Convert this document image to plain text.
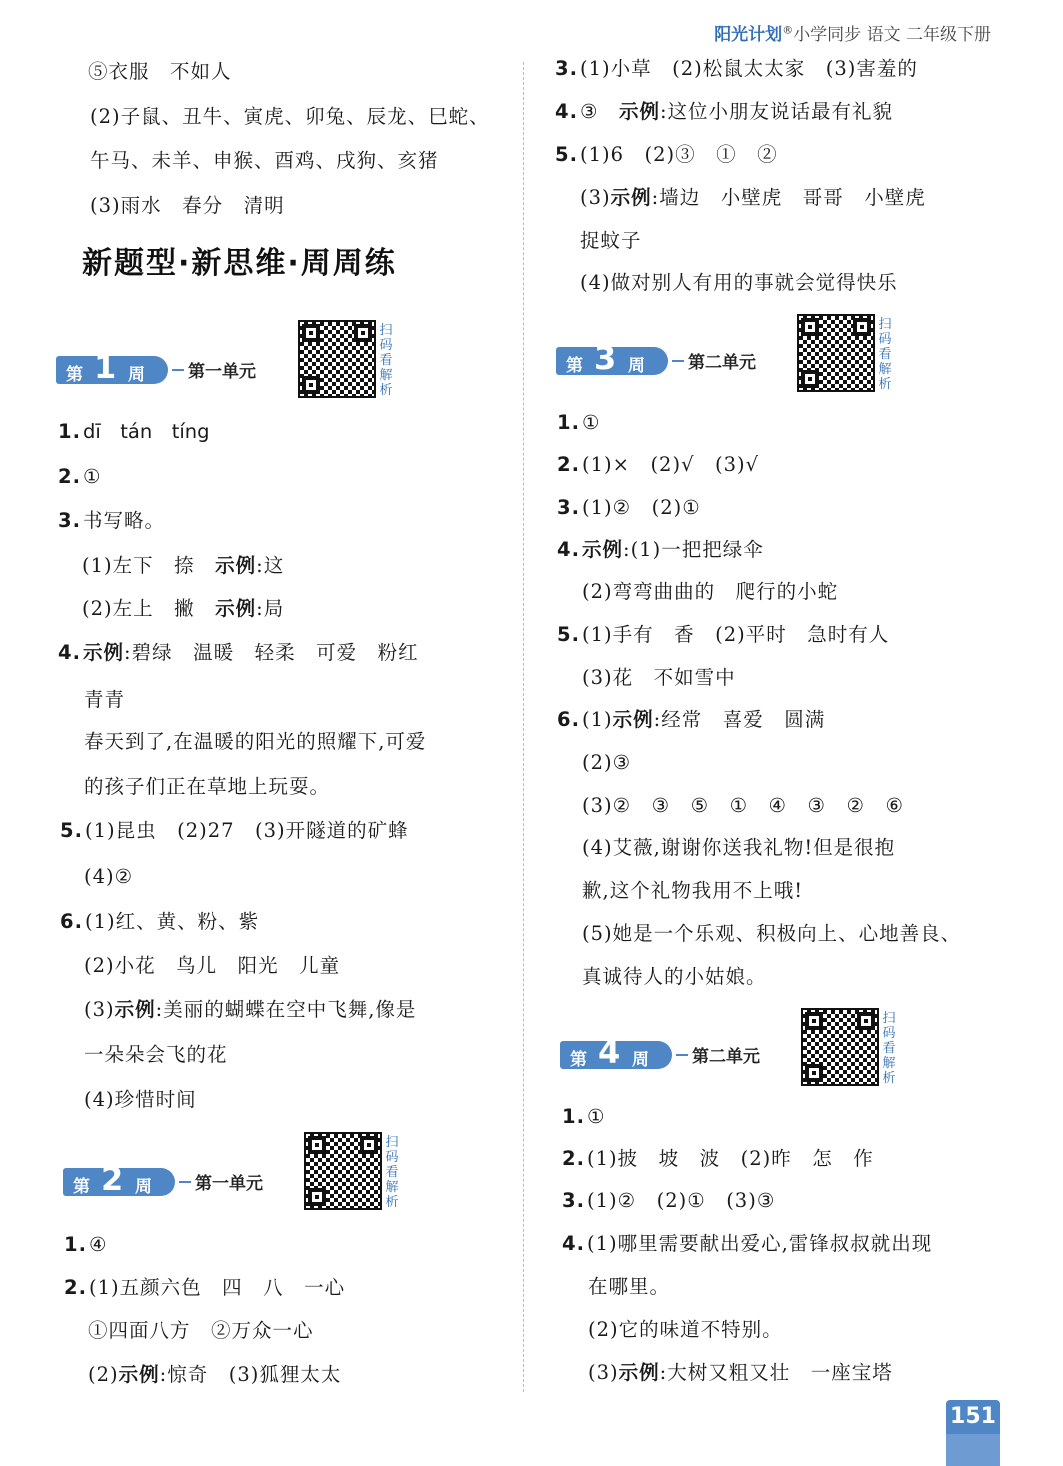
阳光计划®小学同步 语文 二年级下册
新题型·新思维·周周练
第 1 周	第一单元
第 2 周	第一单元
第 3 周	第二单元
第 4 周	第二单元
扫
码
看
解
析
扫
码
看
解
析
扫
码
看
解
析
扫
码
看
解
析
⑤衣服　不如人
(2)子鼠、丑牛、寅虎、卯兔、辰龙、巳蛇、
午马、未羊、申猴、酉鸡、戌狗、亥猪
(3)雨水　春分　清明
1. dī　tán　tíng
2. ①
3. 书写略。
(1)左下　捺　示例:这
(2)左上　撇　示例:局
4. 示例:碧绿　温暖　轻柔　可爱　粉红
青青
春天到了,在温暖的阳光的照耀下,可爱
的孩子们正在草地上玩耍。
5. (1)昆虫　(2)27　(3)开隧道的矿蜂
(4)②
6. (1)红、黄、粉、紫
(2)小花　鸟儿　阳光　儿童
(3)示例:美丽的蝴蝶在空中飞舞,像是
一朵朵会飞的花
(4)珍惜时间
1. ④
2. (1)五颜六色　四　八　一心
①四面八方　②万众一心
(2)示例:惊奇　(3)狐狸太太
3. (1)小草　(2)松鼠太太家　(3)害羞的
4. ③　示例:这位小朋友说话最有礼貌
5. (1)6　(2)③　①　②
(3)示例:墙边　小壁虎　哥哥　小壁虎
捉蚊子
(4)做对别人有用的事就会觉得快乐
1. ①
2. (1)×　(2)√　(3)√
3. (1)②　(2)①
4. 示例:(1)一把把绿伞
(2)弯弯曲曲的　爬行的小蛇
5. (1)手有　香　(2)平时　急时有人
(3)花　不如雪中
6. (1)示例:经常　喜爱　圆满
(2)③
(3)②　③　⑤　①　④　③　②　⑥
(4)艾薇,谢谢你送我礼物!但是很抱
歉,这个礼物我用不上哦!
(5)她是一个乐观、积极向上、心地善良、
真诚待人的小姑娘。
1. ①
2. (1)披　坡　波　(2)昨　怎　作
3. (1)②　(2)①　(3)③
4. (1)哪里需要献出爱心,雷锋叔叔就出现
在哪里。
(2)它的味道不特别。
(3)示例:大树又粗又壮　一座宝塔
151
